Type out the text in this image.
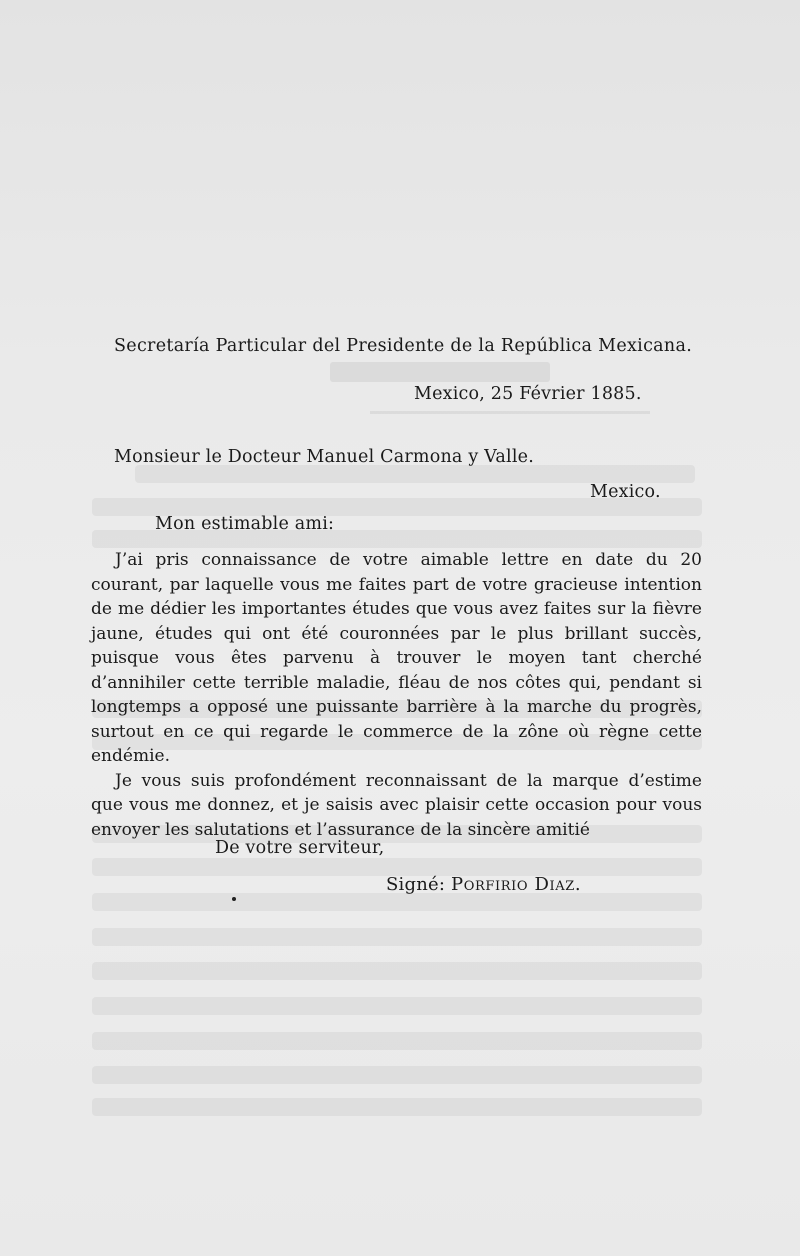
Secretaría Particular del Presidente de la República Mexicana.
Mexico, 25 Février 1885.
Monsieur le Docteur Manuel Carmona y Valle.
Mexico.
Mon estimable ami:

J’ai pris connaissance de votre aimable lettre en date du 20 courant, par laquelle vous me faites part de votre gracieuse intention de me dédier les importantes études que vous avez faites sur la fièvre jaune, études qui ont été couronnées par le plus brillant succès, puisque vous êtes parvenu à trouver le moyen tant cherché d’annihiler cette terrible maladie, fléau de nos côtes qui, pendant si longtemps a opposé une puissante barrière à la marche du progrès, surtout en ce qui regarde le commerce de la zône où règne cette endémie.

Je vous suis profondément reconnaissant de la marque d’estime que vous me donnez, et je saisis avec plaisir cette occasion pour vous envoyer les salutations et l’assurance de la sincère amitié

De votre serviteur,
Signé: Porfirio Diaz.
